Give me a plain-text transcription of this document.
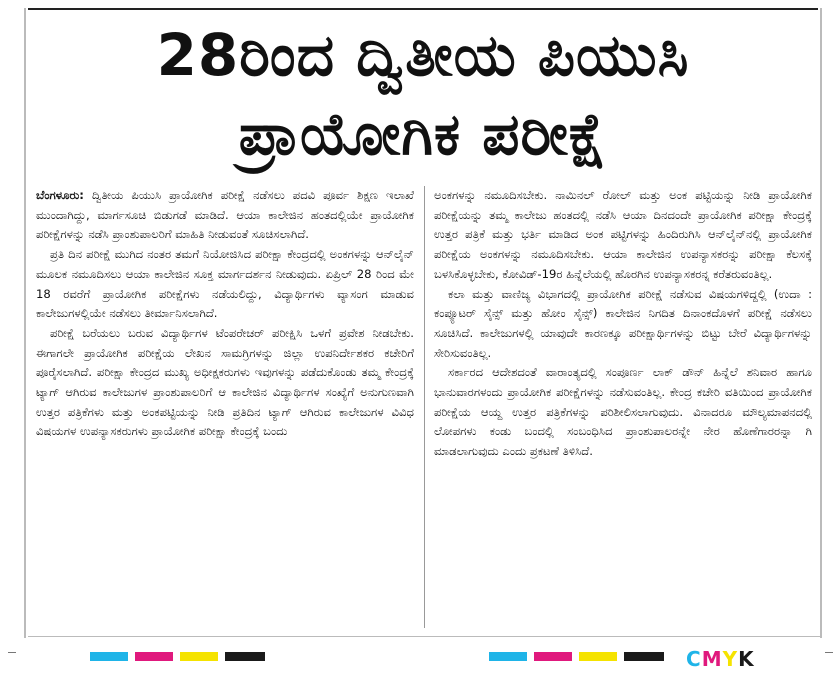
28ರಿಂದ ದ್ವಿತೀಯ ಪಿಯುಸಿ
ಪ್ರಾಯೋಗಿಕ ಪರೀಕ್ಷೆ

ಬೆಂಗಳೂರು: ದ್ವಿತೀಯ ಪಿಯುಸಿ ಪ್ರಾಯೋಗಿಕ ಪರೀಕ್ಷೆ ನಡೆಸಲು ಪದವಿ ಪೂರ್ವ ಶಿಕ್ಷಣ ಇಲಾಖೆ ಮುಂದಾಗಿದ್ದು, ಮಾರ್ಗಸೂಚಿ ಬಿಡುಗಡೆ ಮಾಡಿದೆ. ಆಯಾ ಕಾಲೇಜಿನ ಹಂತದಲ್ಲಿಯೇ ಪ್ರಾಯೋಗಿಕ ಪರೀಕ್ಷೆಗಳನ್ನು ನಡೆಸಿ ಪ್ರಾಂಶುಪಾಲರಿಗೆ ಮಾಹಿತಿ ನೀಡುವಂತೆ ಸೂಚಿಸಲಾಗಿದೆ.

ಪ್ರತಿ ದಿನ ಪರೀಕ್ಷೆ ಮುಗಿದ ನಂತರ ತಮಗೆ ನಿಯೋಜಿಸಿದ ಪರೀಕ್ಷಾ ಕೇಂದ್ರದಲ್ಲಿ ಅಂಕಗಳನ್ನು ಆನ್‌ಲೈನ್ ಮೂಲಕ ನಮೂದಿಸಲು ಆಯಾ ಕಾಲೇಜಿನ ಸೂಕ್ತ ಮಾರ್ಗದರ್ಶನ ನೀಡುವುದು. ಏಪ್ರಿಲ್ 28 ರಿಂದ ಮೇ 18 ರವರೆಗೆ ಪ್ರಾಯೋಗಿಕ ಪರೀಕ್ಷೆಗಳು ನಡೆಯಲಿದ್ದು, ವಿದ್ಯಾರ್ಥಿಗಳು ವ್ಯಾಸಂಗ ಮಾಡುವ ಕಾಲೇಜುಗಳಲ್ಲಿಯೇ ನಡೆಸಲು ತೀರ್ಮಾನಿಸಲಾಗಿದೆ.

ಪರೀಕ್ಷೆ ಬರೆಯಲು ಬರುವ ವಿದ್ಯಾರ್ಥಿಗಳ ಟೆಂಪರೇಚರ್ ಪರೀಕ್ಷಿಸಿ ಒಳಗೆ ಪ್ರವೇಶ ನೀಡಬೇಕು. ಈಗಾಗಲೇ ಪ್ರಾಯೋಗಿಕ ಪರೀಕ್ಷೆಯ ಲೇಖನ ಸಾಮಗ್ರಿಗಳನ್ನು ಜಿಲ್ಲಾ ಉಪನಿರ್ದೇಶಕರ ಕಚೇರಿಗೆ ಪೂರೈಸಲಾಗಿದೆ. ಪರೀಕ್ಷಾ ಕೇಂದ್ರದ ಮುಖ್ಯ ಅಧೀಕ್ಷಕರುಗಳು ಇವುಗಳನ್ನು ಪಡೆದುಕೊಂಡು ತಮ್ಮ ಕೇಂದ್ರಕ್ಕೆ ಟ್ಯಾಗ್ ಆಗಿರುವ ಕಾಲೇಜುಗಳ ಪ್ರಾಂಶುಪಾಲರಿಗೆ ಆ ಕಾಲೇಜಿನ ವಿದ್ಯಾರ್ಥಿಗಳ ಸಂಖ್ಯೆಗೆ ಅನುಗುಣವಾಗಿ ಉತ್ತರ ಪತ್ರಿಕೆಗಳು ಮತ್ತು ಅಂಕಪಟ್ಟಿಯನ್ನು ನೀಡಿ ಪ್ರತಿದಿನ ಟ್ಯಾಗ್ ಆಗಿರುವ ಕಾಲೇಜುಗಳ ವಿವಿಧ ವಿಷಯಗಳ ಉಪನ್ಯಾಸಕರುಗಳು ಪ್ರಾಯೋಗಿಕ ಪರೀಕ್ಷಾ ಕೇಂದ್ರಕ್ಕೆ ಬಂದು

ಅಂಕಗಳನ್ನು ನಮೂದಿಸಬೇಕು. ನಾಮಿನಲ್ ರೋಲ್ ಮತ್ತು ಅಂಕ ಪಟ್ಟಿಯನ್ನು ನೀಡಿ ಪ್ರಾಯೋಗಿಕ ಪರೀಕ್ಷೆಯನ್ನು ತಮ್ಮ ಕಾಲೇಜು ಹಂತದಲ್ಲಿ ನಡೆಸಿ ಆಯಾ ದಿನದಂದೇ ಪ್ರಾಯೋಗಿಕ ಪರೀಕ್ಷಾ ಕೇಂದ್ರಕ್ಕೆ ಉತ್ತರ ಪತ್ರಿಕೆ ಮತ್ತು ಭರ್ತಿ ಮಾಡಿದ ಅಂಕ ಪಟ್ಟಿಗಳನ್ನು ಹಿಂದಿರುಗಿಸಿ ಆನ್‌ಲೈನ್‌ನಲ್ಲಿ ಪ್ರಾಯೋಗಿಕ ಪರೀಕ್ಷೆಯ ಅಂಕಗಳನ್ನು ನಮೂದಿಸಬೇಕು. ಆಯಾ ಕಾಲೇಜಿನ ಉಪನ್ಯಾಸಕರನ್ನು ಪರೀಕ್ಷಾ ಕೆಲಸಕ್ಕೆ ಬಳಸಿಕೊಳ್ಳಬೇಕು, ಕೋವಿಡ್-19ರ ಹಿನ್ನೆಲೆಯಲ್ಲಿ ಹೊರಗಿನ ಉಪನ್ಯಾಸಕರನ್ನ ಕರೆತರುವಂತಿಲ್ಲ.

ಕಲಾ ಮತ್ತು ವಾಣಿಜ್ಯ ವಿಭಾಗದಲ್ಲಿ ಪ್ರಾಯೋಗಿಕ ಪರೀಕ್ಷೆ ನಡೆಸುವ ವಿಷಯಗಳಿದ್ದಲ್ಲಿ (ಉದಾ : ಕಂಪ್ಯೂಟರ್ ಸೈನ್ಸ್ ಮತ್ತು ಹೋಂ ಸೈನ್ಸ್) ಕಾಲೇಜಿನ ನಿಗದಿತ ದಿನಾಂಕದೊಳಗೆ ಪರೀಕ್ಷೆ ನಡೆಸಲು ಸೂಚಿಸಿದೆ. ಕಾಲೇಜುಗಳಲ್ಲಿ ಯಾವುದೇ ಕಾರಣಕ್ಕೂ ಪರೀಕ್ಷಾರ್ಥಿಗಳನ್ನು ಬಿಟ್ಟು ಬೇರೆ ವಿದ್ಯಾರ್ಥಿಗಳನ್ನು ಸೇರಿಸುವಂತಿಲ್ಲ.

ಸರ್ಕಾರದ ಆದೇಶದಂತೆ ವಾರಾಂತ್ಯದಲ್ಲಿ ಸಂಪೂರ್ಣ ಲಾಕ್ ಡೌನ್ ಹಿನ್ನೆಲೆ ಶನಿವಾರ ಹಾಗೂ ಭಾನುವಾರಗಳಂದು ಪ್ರಾಯೋಗಿಕ ಪರೀಕ್ಷೆಗಳನ್ನು ನಡೆಸುವಂತಿಲ್ಲ. ಕೇಂದ್ರ ಕಚೇರಿ ವತಿಯಿಂದ ಪ್ರಾಯೋಗಿಕ ಪರೀಕ್ಷೆಯ ಆಯ್ದ ಉತ್ತರ ಪತ್ರಿಕೆಗಳನ್ನು ಪರಿಶೀಲಿಸಲಾಗುವುದು. ವಿನಾದರೂ ಮೌಲ್ಯಮಾಪನದಲ್ಲಿ ಲೋಪಗಳು ಕಂಡು ಬಂದಲ್ಲಿ ಸಂಬಂಧಿಸಿದ ಪ್ರಾಂಶುಪಾಲರನ್ನೇ ನೇರ ಹೊಣೆಗಾರರನ್ನಾ ಗಿ ಮಾಡಲಾಗುವುದು ಎಂದು ಪ್ರಕಟಣೆ ತಿಳಿಸಿದೆ.

CMYK
